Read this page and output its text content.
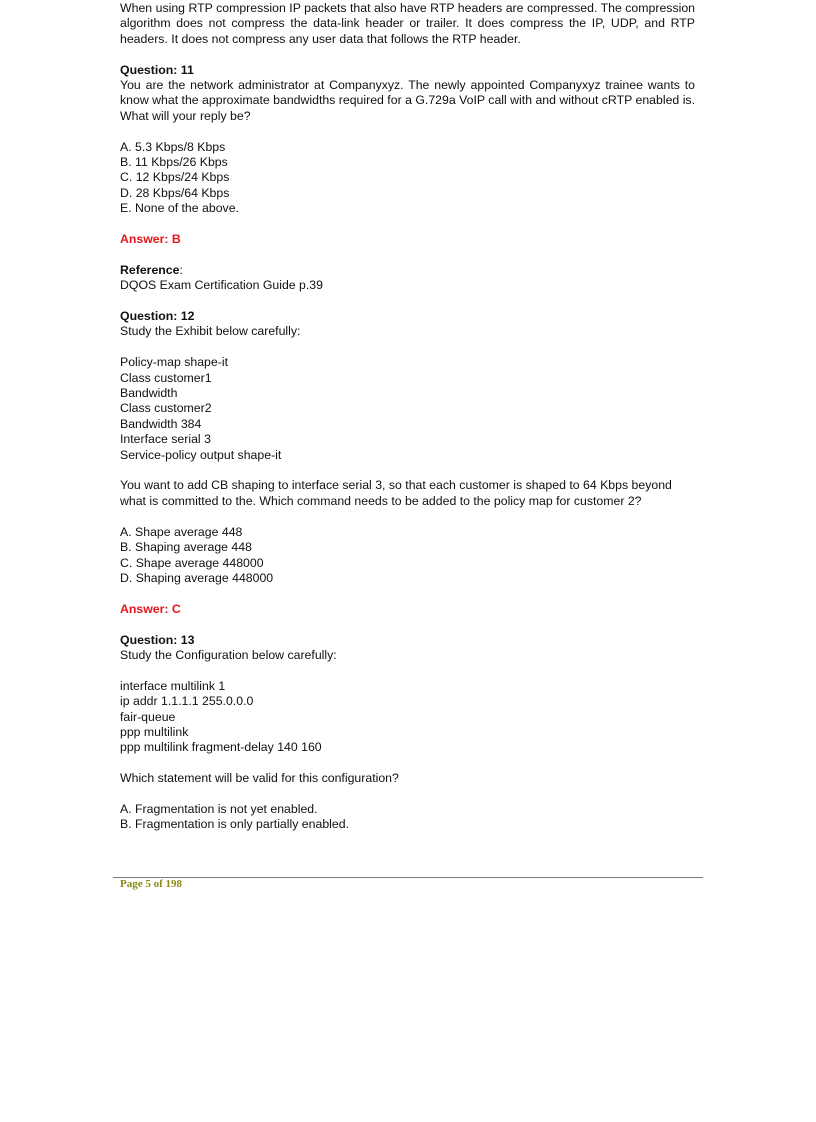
When using RTP compression IP packets that also have RTP headers are compressed. The compression algorithm does not compress the data-link header or trailer. It does compress the IP, UDP, and RTP headers. It does not compress any user data that follows the RTP header.

Question: 11

You are the network administrator at Companyxyz. The newly appointed Companyxyz trainee wants to know what the approximate bandwidths required for a G.729a VoIP call with and without cRTP enabled is. What will your reply be?

A. 5.3 Kbps/8 Kbps
B. 11 Kbps/26 Kbps
C. 12 Kbps/24 Kbps
D. 28 Kbps/64 Kbps
E. None of the above.

Answer: B

Reference:

DQOS Exam Certification Guide p.39

Question: 12

Study the Exhibit below carefully:

Policy-map shape-it
Class customer1
Bandwidth
Class customer2
Bandwidth 384
Interface serial 3
Service-policy output shape-it

You want to add CB shaping to interface serial 3, so that each customer is shaped to 64 Kbps beyond what is committed to the. Which command needs to be added to the policy map for customer 2?

A. Shape average 448
B. Shaping average 448
C. Shape average 448000
D. Shaping average 448000

Answer: C

Question: 13

Study the Configuration below carefully:

interface multilink 1
ip addr 1.1.1.1 255.0.0.0
fair-queue
ppp multilink
ppp multilink fragment-delay 140 160

Which statement will be valid for this configuration?

A. Fragmentation is not yet enabled.
B. Fragmentation is only partially enabled.
Page 5 of 198
